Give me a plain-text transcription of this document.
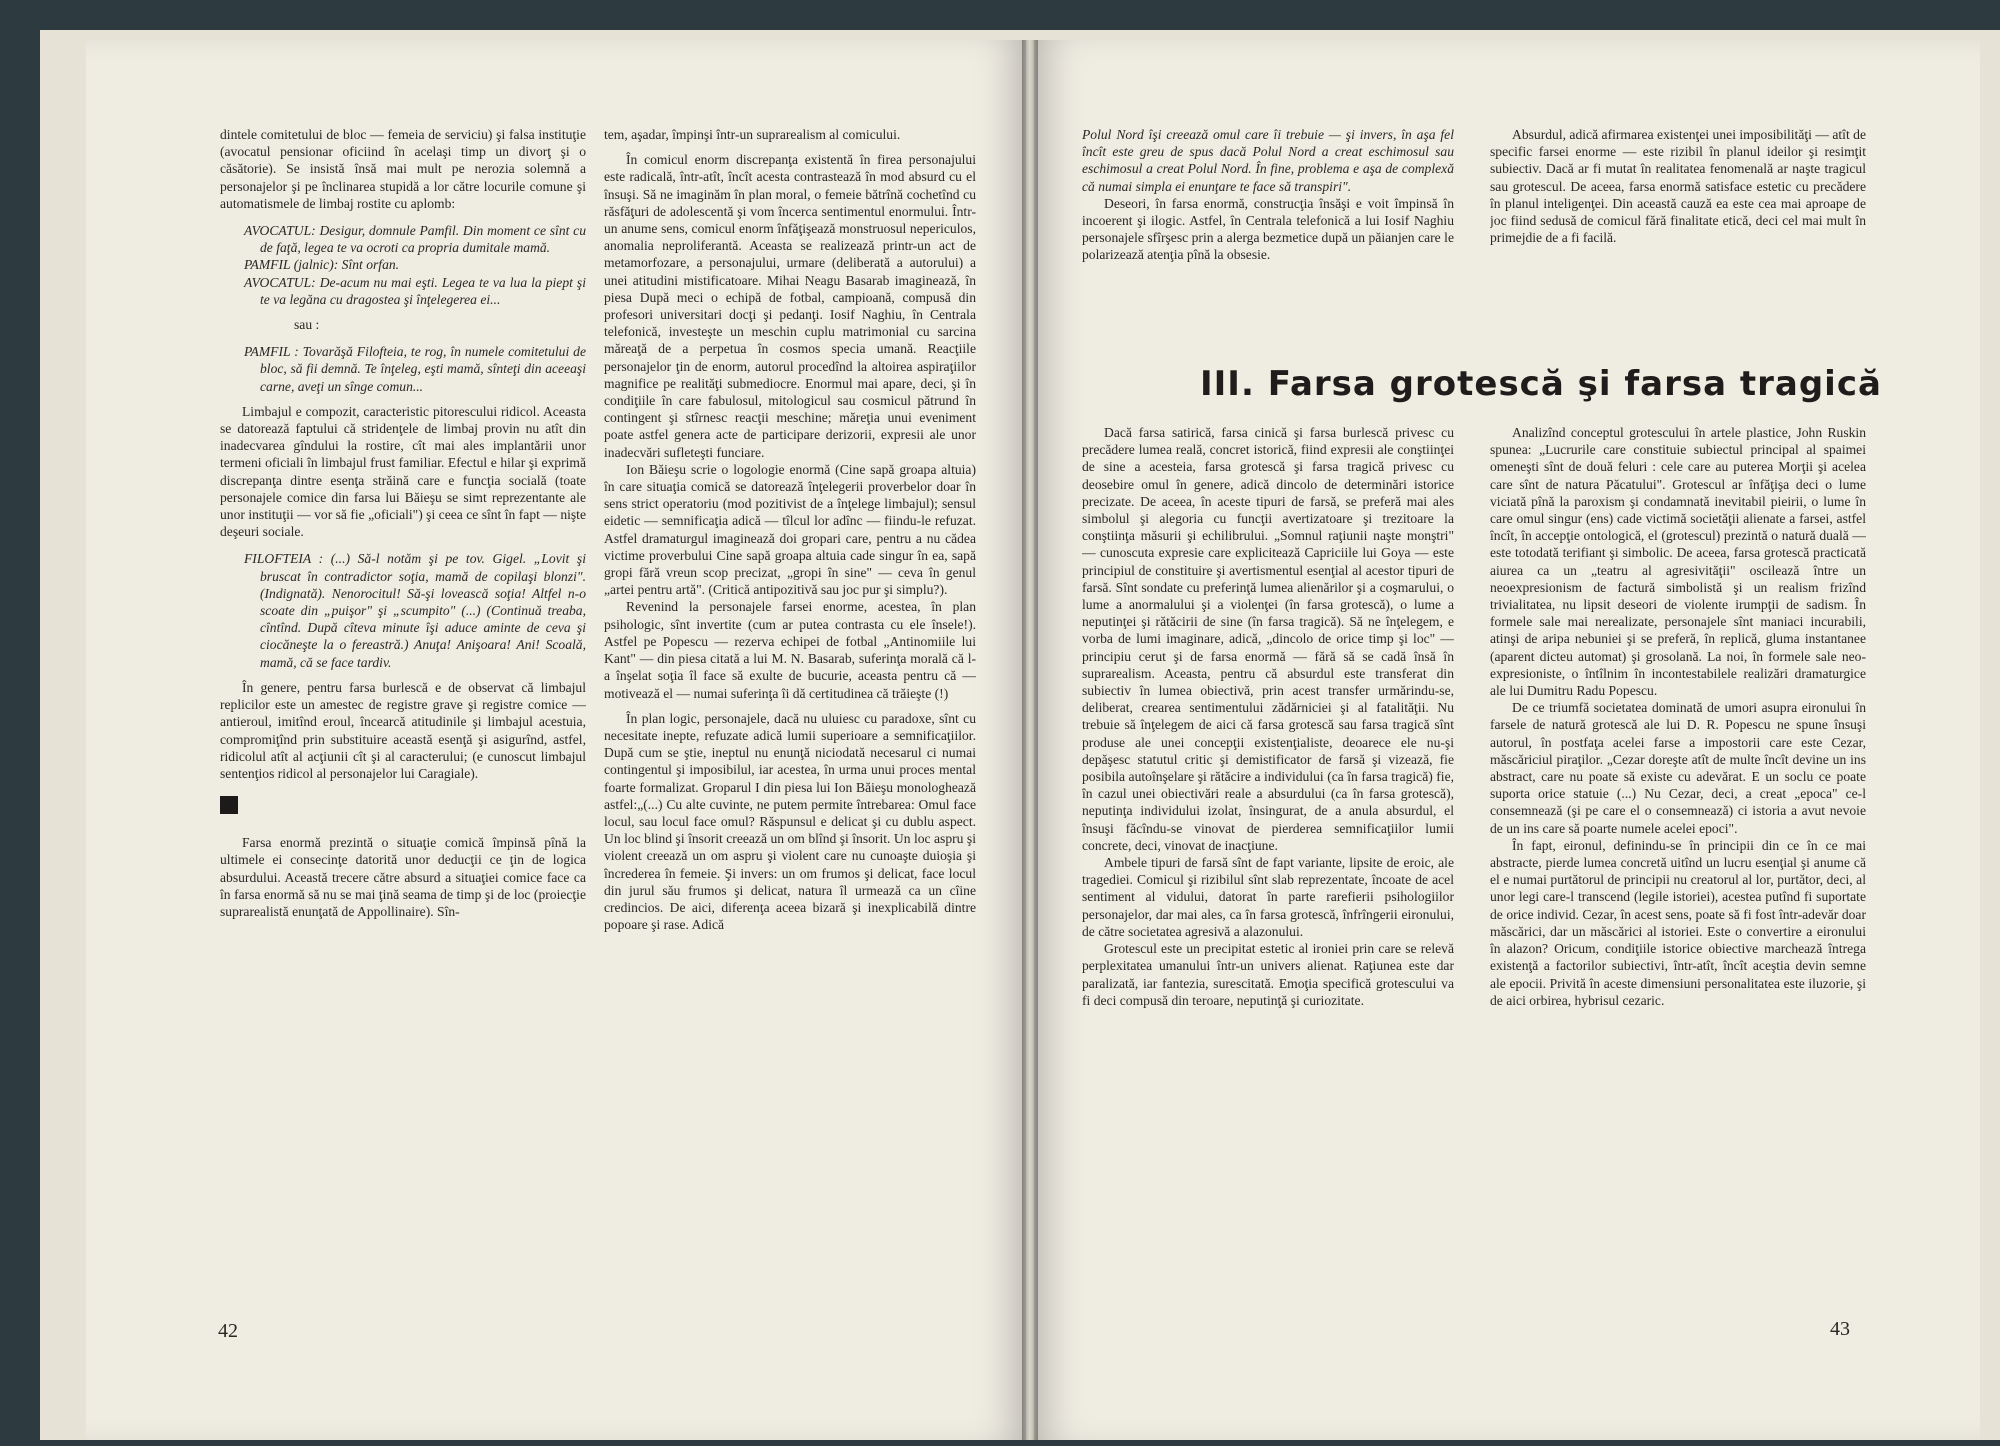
dintele comitetului de bloc — femeia de serviciu) şi falsa instituţie (avocatul pensionar oficiind în acelaşi timp un divorţ şi o căsătorie). Se insistă însă mai mult pe nerozia solemnă a personajelor şi pe înclinarea stupidă a lor către locurile comune şi automatismele de limbaj rostite cu aplomb:

AVOCATUL: Desigur, domnule Pamfil. Din moment ce sînt cu de faţă, legea te va ocroti ca propria dumitale mamă.

PAMFIL (jalnic): Sînt orfan.

AVOCATUL: De-acum nu mai eşti. Legea te va lua la piept şi te va legăna cu dragostea şi înţelegerea ei...

sau :

PAMFIL : Tovarăşă Filofteia, te rog, în numele comitetului de bloc, să fii demnă. Te înţeleg, eşti mamă, sînteţi din aceeaşi carne, aveţi un sînge comun...

Limbajul e compozit, caracteristic pitorescului ridicol. Aceasta se datorează faptului că stridenţele de limbaj provin nu atît din inadecvarea gîndului la rostire, cît mai ales implantării unor termeni oficiali în limbajul frust familiar. Efectul e hilar şi exprimă discrepanţa dintre esenţa străină care e funcţia socială (toate personajele comice din farsa lui Băieşu se simt reprezentante ale unor instituţii — vor să fie „oficiali") şi ceea ce sînt în fapt — nişte deşeuri sociale.

FILOFTEIA : (...) Să-l notăm şi pe tov. Gigel. „Lovit şi bruscat în contradictor soţia, mamă de copilaşi blonzi". (Indignată). Nenorocitul! Să-şi lovească soţia! Altfel n-o scoate din „puişor" şi „scumpito" (...) (Continuă treaba, cîntînd. După cîteva minute îşi aduce aminte de ceva şi ciocăneşte la o fereastră.) Anuţa! Anişoara! Ani! Scoală, mamă, că se face tardiv.

În genere, pentru farsa burlescă e de observat că limbajul replicilor este un amestec de registre grave şi registre comice — antieroul, imitînd eroul, încearcă atitudinile şi limbajul acestuia, compromiţînd prin substituire această esenţă şi asigurînd, astfel, ridicolul atît al acţiunii cît şi al caracterului; (e cunoscut limbajul sentenţios ridicol al personajelor lui Caragiale).

Farsa enormă prezintă o situaţie comică împinsă pînă la ultimele ei consecinţe datorită unor deducţii ce ţin de logica absurdului. Această trecere către absurd a situaţiei comice face ca în farsa enormă să nu se mai ţină seama de timp şi de loc (proiecţie suprarealistă enunţată de Appollinaire). Sîn-

tem, aşadar, împinşi într-un suprarealism al comicului.

În comicul enorm discrepanţa existentă în firea personajului este radicală, într-atît, încît acesta contrastează în mod absurd cu el însuşi. Să ne imaginăm în plan moral, o femeie bătrînă cochetînd cu răsfăţuri de adolescentă şi vom încerca sentimentul enormului. Într-un anume sens, comicul enorm înfăţişează monstruosul nepericulos, anomalia neproliferantă. Aceasta se realizează printr-un act de metamorfozare, a personajului, urmare (deliberată a autorului) a unei atitudini mistificatoare. Mihai Neagu Basarab imaginează, în piesa După meci o echipă de fotbal, campioană, compusă din profesori universitari docţi şi pedanţi. Iosif Naghiu, în Centrala telefonică, investeşte un meschin cuplu matrimonial cu sarcina măreaţă de a perpetua în cosmos specia umană. Reacţiile personajelor ţin de enorm, autorul procedînd la altoirea aspiraţiilor magnifice pe realităţi submediocre. Enormul mai apare, deci, şi în condiţiile în care fabulosul, mitologicul sau cosmicul pătrund în contingent şi stîrnesc reacţii meschine; măreţia unui eveniment poate astfel genera acte de participare derizorii, expresii ale unor inadecvări sufleteşti funciare.

Ion Băieşu scrie o logologie enormă (Cine sapă groapa altuia) în care situaţia comică se datorează înţelegerii proverbelor doar în sens strict operatoriu (mod pozitivist de a înţelege limbajul); sensul eidetic — semnificaţia adică — tîlcul lor adînc — fiindu-le refuzat. Astfel dramaturgul imaginează doi gropari care, pentru a nu cădea victime proverbului Cine sapă groapa altuia cade singur în ea, sapă gropi fără vreun scop precizat, „gropi în sine" — ceva în genul „artei pentru artă". (Critică antipozitivă sau joc pur şi simplu?).

Revenind la personajele farsei enorme, acestea, în plan psihologic, sînt invertite (cum ar putea contrasta cu ele însele!). Astfel pe Popescu — rezerva echipei de fotbal „Antinomiile lui Kant" — din piesa citată a lui M. N. Basarab, suferinţa morală că l-a înşelat soţia îl face să exulte de bucurie, aceasta pentru că — motivează el — numai suferinţa îi dă certitudinea că trăieşte (!)

În plan logic, personajele, dacă nu uluiesc cu paradoxe, sînt cu necesitate inepte, refuzate adică lumii superioare a semnificaţiilor. După cum se ştie, ineptul nu enunţă niciodată necesarul ci numai contingentul şi imposibilul, iar acestea, în urma unui proces mental foarte formalizat. Groparul I din piesa lui Ion Băieşu monologhează astfel:„(...) Cu alte cuvinte, ne putem permite întrebarea: Omul face locul, sau locul face omul? Răspunsul e delicat şi cu dublu aspect. Un loc blind şi însorit creează un om blînd şi însorit. Un loc aspru şi violent creează un om aspru şi violent care nu cunoaşte duioşia şi încrederea în femeie. Şi invers: un om frumos şi delicat, face locul din jurul său frumos şi delicat, natura îl urmează ca un cîine credincios. De aici, diferenţa aceea bizară şi inexplicabilă dintre popoare şi rase. Adică

42

Polul Nord îşi creează omul care îi trebuie — şi invers, în aşa fel încît este greu de spus dacă Polul Nord a creat eschimosul sau eschimosul a creat Polul Nord. În fine, problema e aşa de complexă că numai simpla ei enunţare te face să transpiri".

Deseori, în farsa enormă, construcţia însăşi e voit împinsă în incoerent şi ilogic. Astfel, în Centrala telefonică a lui Iosif Naghiu personajele sfîrşesc prin a alerga bezmetice după un păianjen care le polarizează atenţia pînă la obsesie.

Absurdul, adică afirmarea existenţei unei imposibilităţi — atît de specific farsei enorme — este rizibil în planul ideilor şi resimţit subiectiv. Dacă ar fi mutat în realitatea fenomenală ar naşte tragicul sau grotescul. De aceea, farsa enormă satisface estetic cu precădere în planul inteligenţei. Din această cauză ea este cea mai aproape de joc fiind sedusă de comicul fără finalitate etică, deci cel mai mult în primejdie de a fi facilă.

III. Farsa grotescă şi farsa tragică

Dacă farsa satirică, farsa cinică şi farsa burlescă privesc cu precădere lumea reală, concret istorică, fiind expresii ale conştiinţei de sine a acesteia, farsa grotescă şi farsa tragică privesc cu deosebire omul în genere, adică dincolo de determinări istorice precizate. De aceea, în aceste tipuri de farsă, se preferă mai ales simbolul şi alegoria cu funcţii avertizatoare şi trezitoare la conştiinţa măsurii şi echilibrului. „Somnul raţiunii naşte monştri" — cunoscuta expresie care explicitează Capriciile lui Goya — este principiul de constituire şi avertismentul esenţial al acestor tipuri de farsă. Sînt sondate cu preferinţă lumea alienărilor şi a coşmarului, o lume a anormalului şi a violenţei (în farsa grotescă), o lume a neputinţei şi rătăcirii de sine (în farsa tragică). Să ne înţelegem, e vorba de lumi imaginare, adică, „dincolo de orice timp şi loc" — principiu cerut şi de farsa enormă — fără să se cadă însă în suprarealism. Aceasta, pentru că absurdul este transferat din subiectiv în lumea obiectivă, prin acest transfer urmărindu-se, deliberat, crearea sentimentului zădărniciei şi al fatalităţii. Nu trebuie să înţelegem de aici că farsa grotescă sau farsa tragică sînt produse ale unei concepţii existenţialiste, deoarece ele nu-şi depăşesc statutul critic şi demistificator de farsă şi vizează, fie posibila autoînşelare şi rătăcire a individului (ca în farsa tragică) fie, în cazul unei obiectivări reale a absurdului (ca în farsa grotescă), neputinţa individului izolat, însingurat, de a anula absurdul, el însuşi făcîndu-se vinovat de pierderea semnificaţiilor lumii concrete, deci, vinovat de inacţiune.

Ambele tipuri de farsă sînt de fapt variante, lipsite de eroic, ale tragediei. Comicul şi rizibilul sînt slab reprezentate, încoate de acel sentiment al vidului, datorat în parte rarefierii psihologiilor personajelor, dar mai ales, ca în farsa grotescă, înfrîngerii eironului, de către societatea agresivă a alazonului.

Grotescul este un precipitat estetic al ironiei prin care se relevă perplexitatea umanului într-un univers alienat. Raţiunea este dar paralizată, iar fantezia, surescitată. Emoţia specifică grotescului va fi deci compusă din teroare, neputinţă şi curiozitate.

Analizînd conceptul grotescului în artele plastice, John Ruskin spunea: „Lucrurile care constituie subiectul principal al spaimei omeneşti sînt de două feluri : cele care au puterea Morţii şi acelea care sînt de natura Păcatului". Grotescul ar înfăţişa deci o lume viciată pînă la paroxism şi condamnată inevitabil pieirii, o lume în care omul singur (ens) cade victimă societăţii alienate a farsei, astfel încît, în accepţie ontologică, el (grotescul) prezintă o natură duală — este totodată terifiant şi simbolic. De aceea, farsa grotescă practicată aiurea ca un „teatru al agresivităţii" oscilează între un neoexpresionism de factură simbolistă şi un realism frizînd trivialitatea, nu lipsit deseori de violente irumpţii de sadism. În formele sale mai nerealizate, personajele sînt maniaci incurabili, atinşi de aripa nebuniei şi se preferă, în replică, gluma instantanee (aparent dicteu automat) şi grosolană. La noi, în formele sale neo-expresioniste, o întîlnim în incontestabilele realizări dramaturgice ale lui Dumitru Radu Popescu.

De ce triumfă societatea dominată de umori asupra eironului în farsele de natură grotescă ale lui D. R. Popescu ne spune însuşi autorul, în postfaţa acelei farse a impostorii care este Cezar, măscăriciul piraţilor. „Cezar doreşte atît de multe încît devine un ins abstract, care nu poate să existe cu adevărat. E un soclu ce poate suporta orice statuie (...) Nu Cezar, deci, a creat „epoca" ce-l consemnează (şi pe care el o consemnează) ci istoria a avut nevoie de un ins care să poarte numele acelei epoci".

În fapt, eironul, definindu-se în principii din ce în ce mai abstracte, pierde lumea concretă uitînd un lucru esenţial şi anume că el e numai purtătorul de principii nu creatorul al lor, purtător, deci, al unor legi care-l transcend (legile istoriei), acestea putînd fi suportate de orice individ. Cezar, în acest sens, poate să fi fost într-adevăr doar măscărici, dar un măscărici al istoriei. Este o convertire a eironului în alazon? Oricum, condiţiile istorice obiective marchează întrega existenţă a factorilor subiectivi, într-atît, încît aceştia devin semne ale epocii. Privită în aceste dimensiuni personalitatea este iluzorie, şi de aici orbirea, hybrisul cezaric.

43
